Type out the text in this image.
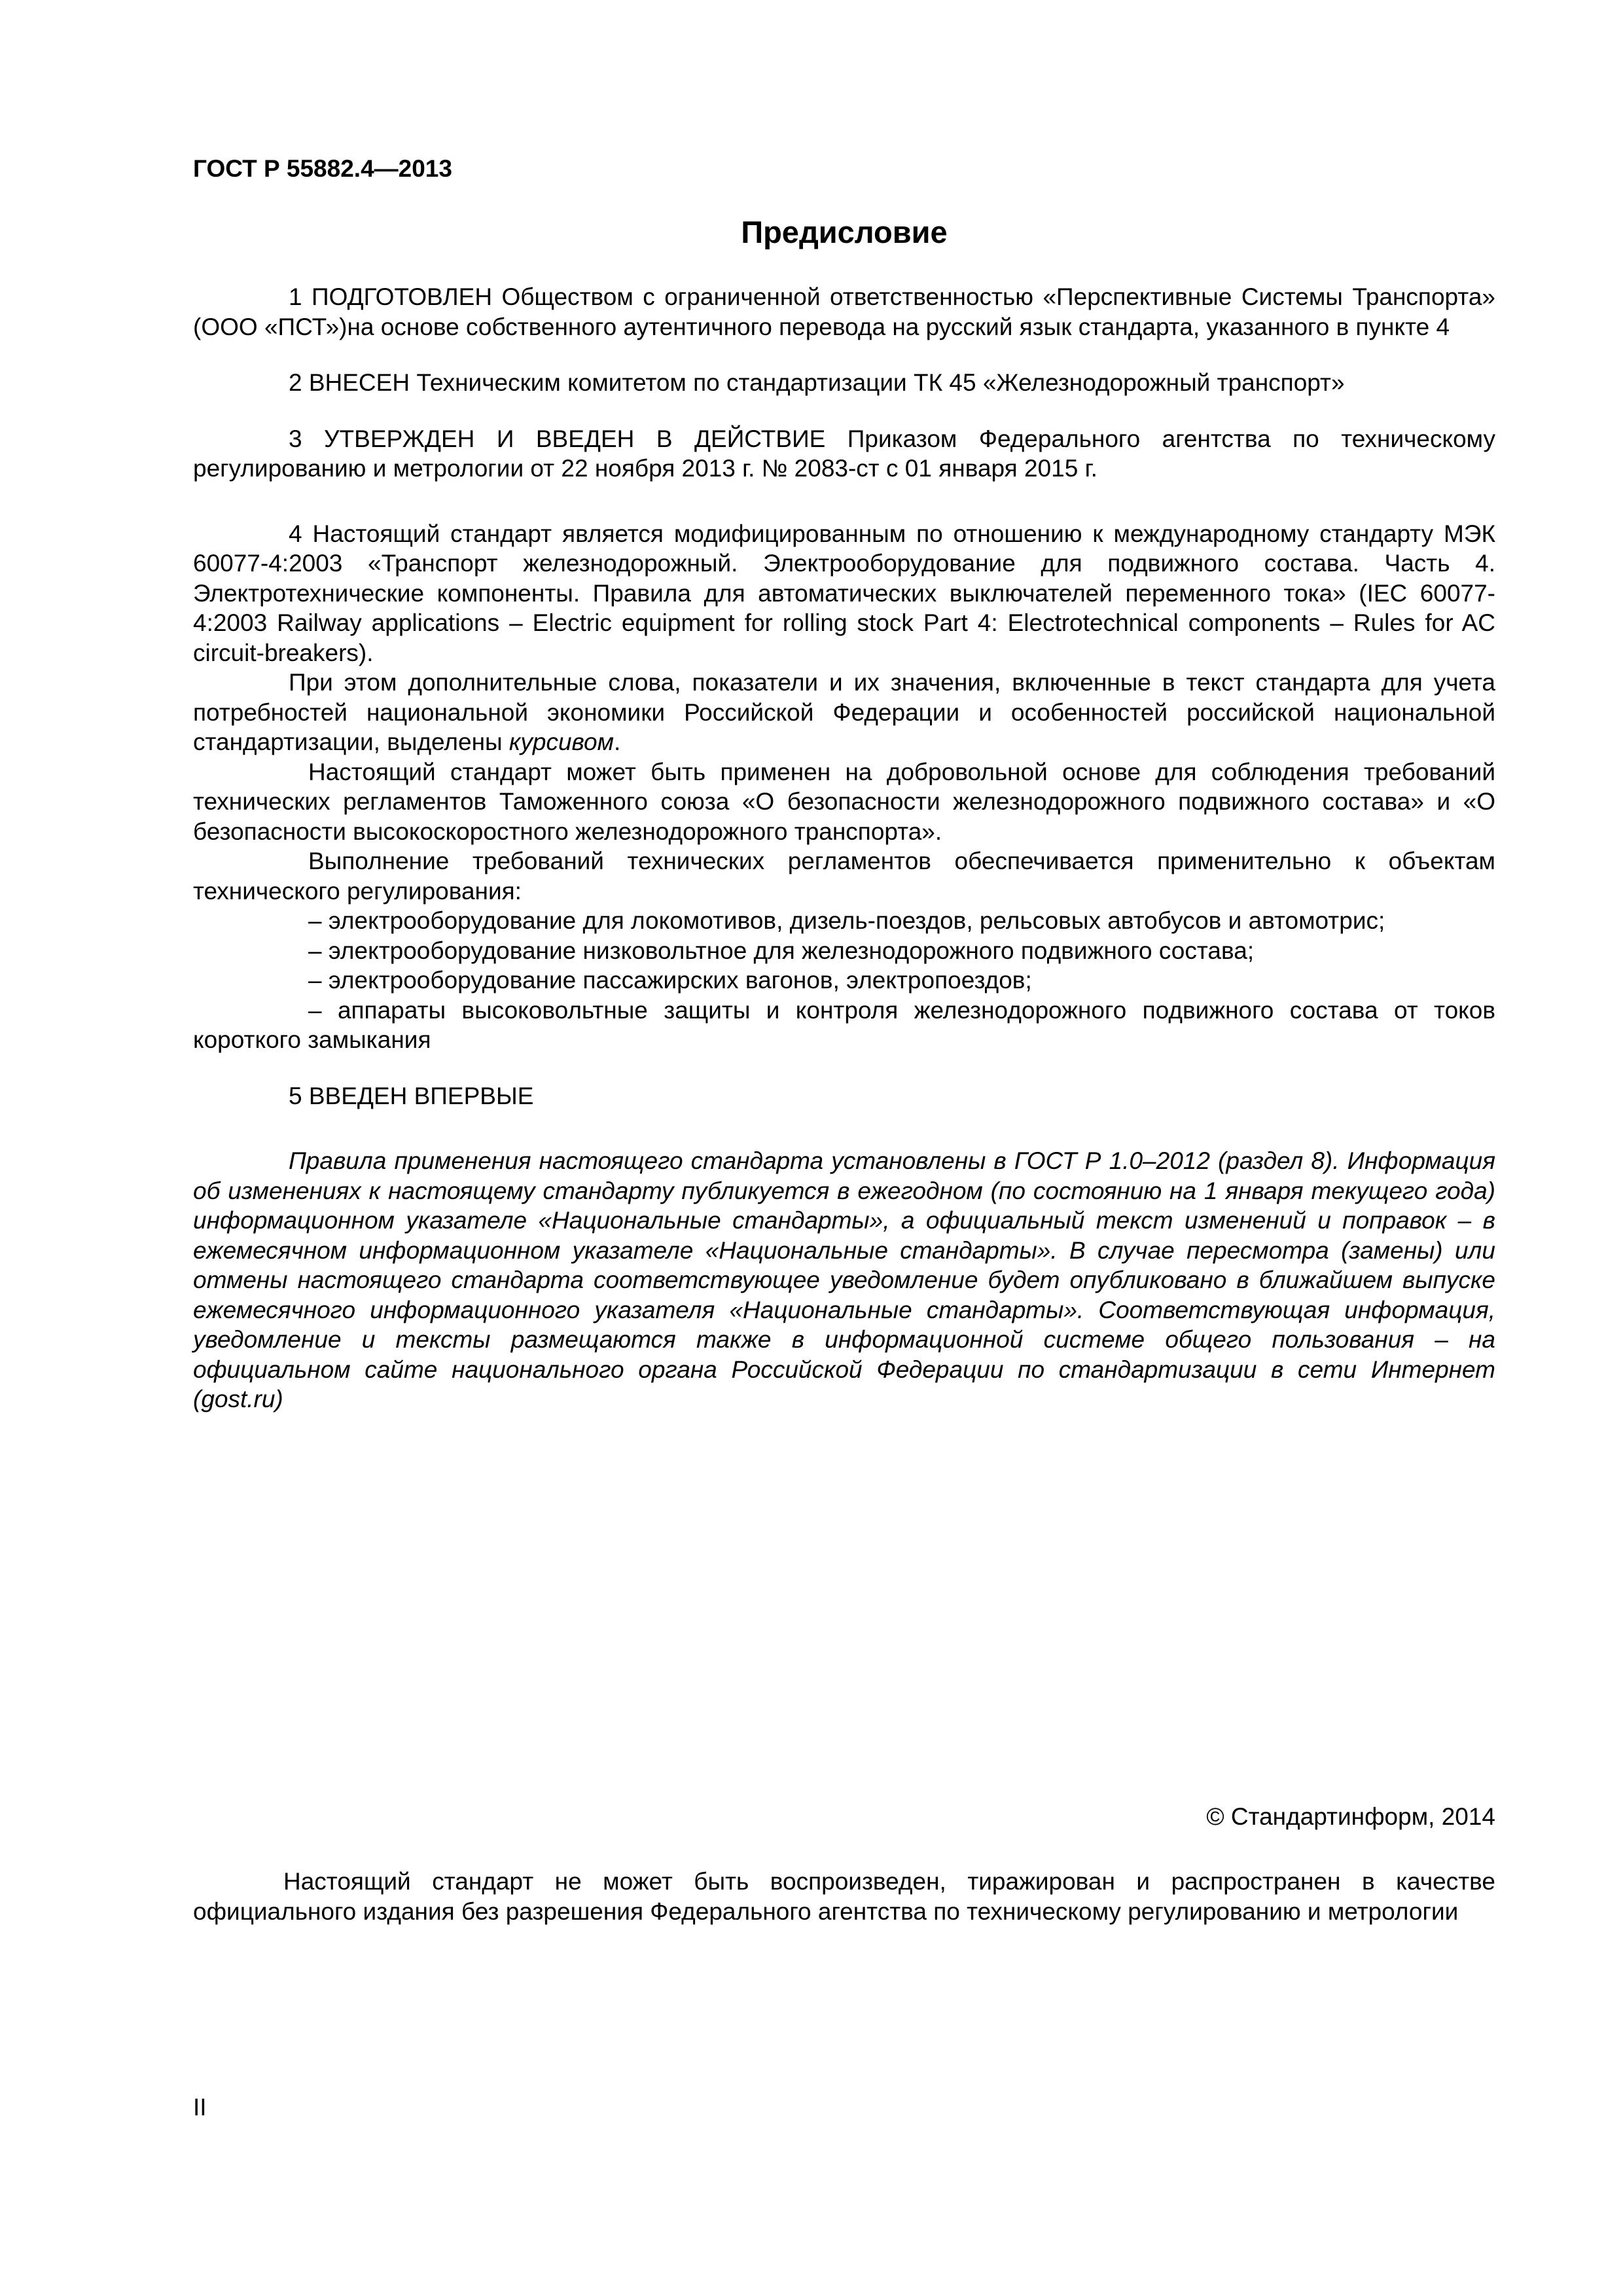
ГОСТ Р 55882.4—2013
Предисловие

1 ПОДГОТОВЛЕН Обществом с ограниченной ответственностью «Перспективные Системы Транспорта» (ООО «ПСТ»)на основе собственного аутентичного перевода на русский язык стандарта, указанного в пункте 4

2 ВНЕСЕН Техническим комитетом по стандартизации ТК 45 «Железнодорожный транспорт»

3 УТВЕРЖДЕН И ВВЕДЕН В ДЕЙСТВИЕ Приказом Федерального агентства по техническому регулированию и метрологии от 22 ноября 2013 г. № 2083-ст с 01 января 2015 г.

4 Настоящий стандарт является модифицированным по отношению к международному стандарту МЭК 60077-4:2003 «Транспорт железнодорожный. Электрооборудование для подвижного состава. Часть 4. Электротехнические компоненты. Правила для автоматических выключателей переменного тока» (IEC 60077-4:2003 Railway applications – Electric equipment for rolling stock Part 4: Electrotechnical components – Rules for AC circuit-breakers).

При этом дополнительные слова, показатели и их значения, включенные в текст стандарта для учета потребностей национальной экономики Российской Федерации и особенностей российской национальной стандартизации, выделены курсивом.

Настоящий стандарт может быть применен на добровольной основе для соблюдения требований технических регламентов Таможенного союза «О безопасности железнодорожного подвижного состава» и «О безопасности высокоскоростного железнодорожного транспорта».

Выполнение требований технических регламентов обеспечивается применительно к объектам технического регулирования:

– электрооборудование для локомотивов, дизель-поездов, рельсовых автобусов и автомотрис;
– электрооборудование низковольтное для железнодорожного подвижного состава;
– электрооборудование пассажирских вагонов, электропоездов;
– аппараты высоковольтные защиты и контроля железнодорожного подвижного состава от токов короткого замыкания

5 ВВЕДЕН ВПЕРВЫЕ

Правила применения настоящего стандарта установлены в ГОСТ Р 1.0–2012 (раздел 8). Информация об изменениях к настоящему стандарту публикуется в ежегодном (по состоянию на 1 января текущего года) информационном указателе «Национальные стандарты», а официальный текст изменений и поправок – в ежемесячном информационном указателе «Национальные стандарты». В случае пересмотра (замены) или отмены настоящего стандарта соответствующее уведомление будет опубликовано в ближайшем выпуске ежемесячного информационного указателя «Национальные стандарты». Соответствующая информация, уведомление и тексты размещаются также в информационной системе общего пользования – на официальном сайте национального органа Российской Федерации по стандартизации в сети Интернет (gost.ru)

© Стандартинформ, 2014

Настоящий стандарт не может быть воспроизведен, тиражирован и распространен в качестве официального издания без разрешения Федерального агентства по техническому регулированию и метрологии

II
